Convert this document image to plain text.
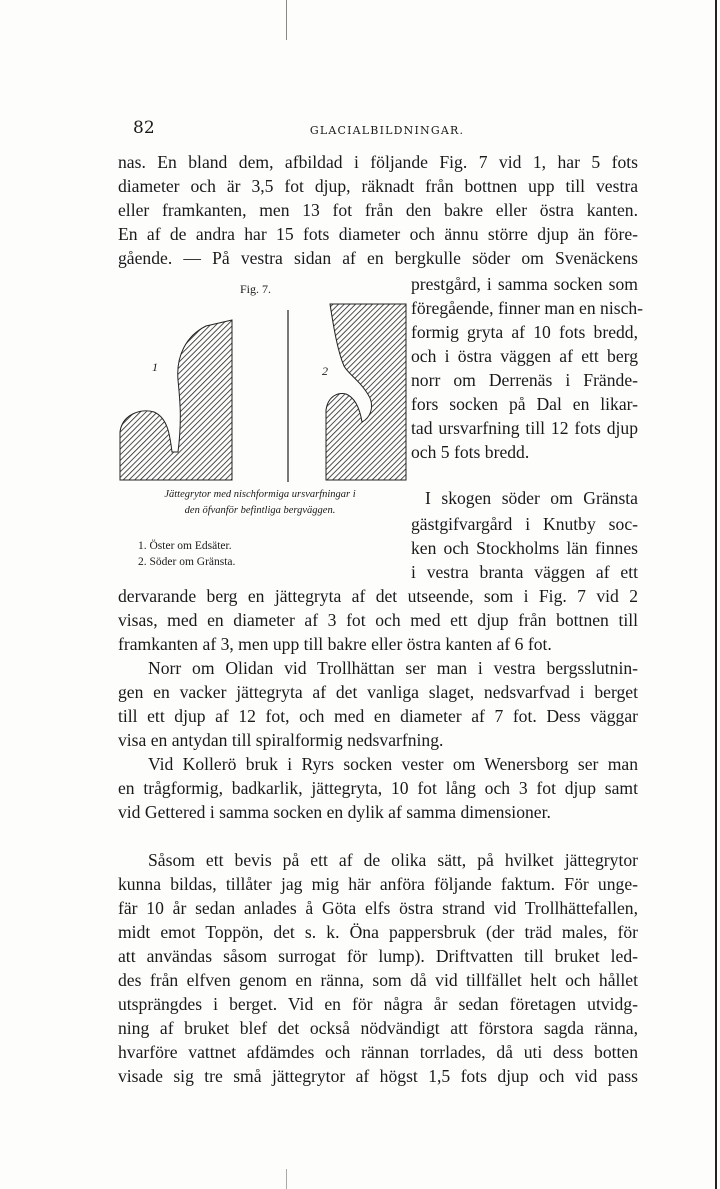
82	GLACIALBILDNINGAR.
nas. En bland dem, afbildad i följande Fig. 7 vid 1, har 5 fots
diameter och är 3,5 fot djup, räknadt från bottnen upp till vestra
eller framkanten, men 13 fot från den bakre eller östra kanten.
En af de andra har 15 fots diameter och ännu större djup än före-
gående. — På vestra sidan af en bergkulle söder om Svenäckens
prestgård, i samma socken som
föregående, finner man en nisch-
formig gryta af 10 fots bredd,
och i östra väggen af ett berg
norr om Derrenäs i Frände-
fors socken på Dal en likar-
tad ursvarfning till 12 fots djup
och 5 fots bredd.
I skogen söder om Gränsta
gästgifvargård i Knutby soc-
ken och Stockholms län finnes
i vestra branta väggen af ett
dervarande berg en jättegryta af det utseende, som i Fig. 7 vid 2
visas, med en diameter af 3 fot och med ett djup från bottnen till
framkanten af 3, men upp till bakre eller östra kanten af 6 fot.
Norr om Olidan vid Trollhättan ser man i vestra bergsslutnin-
gen en vacker jättegryta af det vanliga slaget, nedsvarfvad i berget
till ett djup af 12 fot, och med en diameter af 7 fot. Dess väggar
visa en antydan till spiralformig nedsvarfning.
Vid Kollerö bruk i Ryrs socken vester om Wenersborg ser man
en trågformig, badkarlik, jättegryta, 10 fot lång och 3 fot djup samt
vid Gettered i samma socken en dylik af samma dimensioner.
Såsom ett bevis på ett af de olika sätt, på hvilket jättegrytor
kunna bildas, tillåter jag mig här anföra följande faktum. För unge-
fär 10 år sedan anlades å Göta elfs östra strand vid Trollhättefallen,
midt emot Toppön, det s. k. Öna pappersbruk (der träd males, för
att användas såsom surrogat för lump). Driftvatten till bruket led-
des från elfven genom en ränna, som då vid tillfället helt och hållet
utsprängdes i berget. Vid en för några år sedan företagen utvidg-
ning af bruket blef det också nödvändigt att förstora sagda ränna,
hvarföre vattnet afdämdes och rännan torrlades, då uti dess botten
visade sig tre små jättegrytor af högst 1,5 fots djup och vid pass
Fig. 7.
1	2
Jättegrytor med nischformiga ursvarfningar i
den öfvanför befintliga bergväggen.
1. Öster om Edsäter.
2. Söder om Gränsta.
